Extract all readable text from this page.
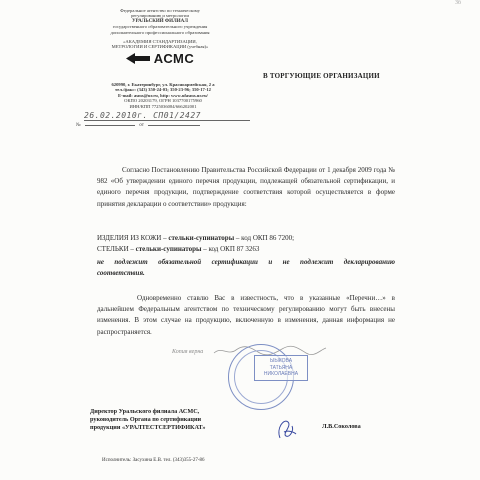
Зб
Федеральное агентство по техническому
регулированию и метрологии
УРАЛЬСКИЙ ФИЛИАЛ
государственного образовательного учреждения
дополнительного профессионального образования
«АКАДЕМИЯ СТАНДАРТИЗАЦИИ,
МЕТРОЛОГИИ И СЕРТИФИКАЦИИ (учебная)»
АСМС
620990, г. Екатеринбург, ул. Красноармейская, 2 а
тел./факс: (343) 350-24-03; 350-23-96; 350-17-12
E-mail: asms@ur.ru, http: www.ufasms.ur.ru/
ОКПО 20203179, ОГРН 1037700175960
ИНН/КПП 7725036084/666202001
26.02.2010г. СП01/2427
№	от
В ТОРГУЮЩИЕ ОРГАНИЗАЦИИ
Согласно Постановлению Правительства Российской Федерации от 1 декабря 2009 года № 982 «Об утверждении единого перечня продукции, подлежащей обязательной сертификации, и единого перечня продукции, подтверждение соответствия которой осуществляется в форме принятия декларации о соответствии» продукция:
ИЗДЕЛИЯ ИЗ КОЖИ – стельки-супинаторы – код ОКП 86 7200;
СТЕЛЬКИ – стельки-супинаторы – код ОКП 87 3263
не подлежит обязательной сертификации и не подлежит декларированию соответствия.
Одновременно ставлю Вас в известность, что в указанные «Перечни…» в дальнейшем Федеральным агентством по техническому регулированию могут быть внесены изменения. В этом случае на продукцию, включенную в изменения, данная информация не распространяется.
Копия верна
ЫЫКОВА
ТАТЬЯНА
НИКОЛАЕВНА
Директор Уральского филиала АСМС,
руководитель Органа по сертификации
продукции «УРАЛТЕСТСЕРТИФИКАТ»	Л.В.Соколова
Исполнитель: Засухина Е.В. тел. (343)355-27-86
